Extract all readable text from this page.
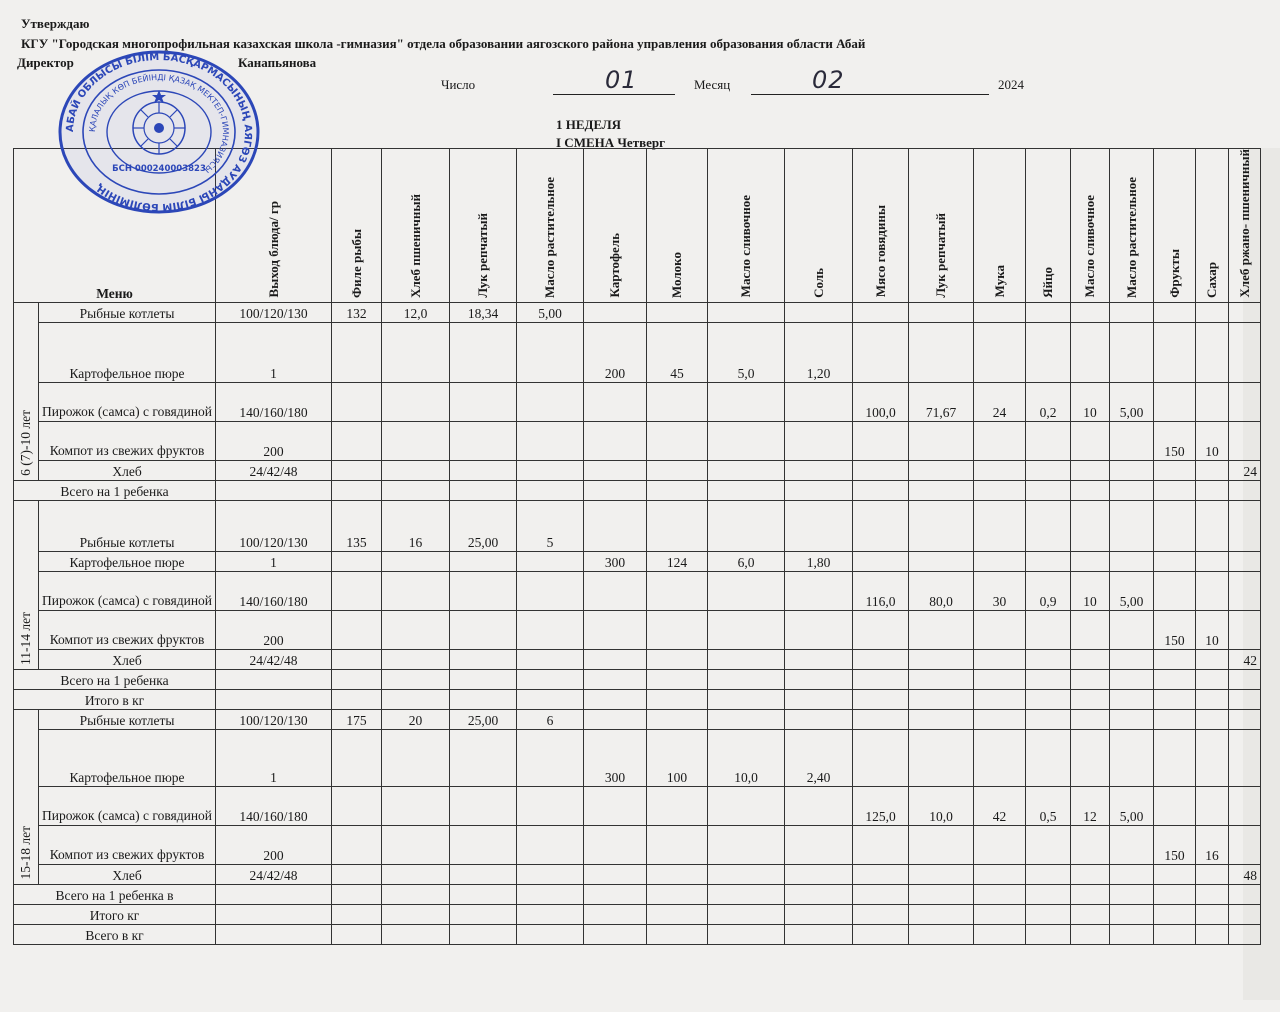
Утверждаю
КГУ "Городская многопрофильная казахская школа -гимназия" отдела образовании аягозского района управления образования области Абай
Директор	Канапьянова
Число	01	Месяц	02	2024
1 НЕДЕЛЯ
I СМЕНА Четверг
Меню		Выход блюда/ гр	Филе рыбы	Хлеб пшеничный	Лук репчатый	Масло растительное	Картофель	Молоко	Масло сливочное	Соль	Мясо говядины	Лук репчатый	Мука	Яйцо	Масло сливочное	Масло растительное	Фрукты	Сахар	Хлеб ржано- пшеничный
6 (7)-10 лет	Рыбные котлеты	100/120/130	132	12,0	18,34	5,00													
	Картофельное пюре	1					200	45	5,0	1,20									
	Пирожок (самса) с говядиной	140/160/180									100,0	71,67	24	0,2	10	5,00			
	Компот из свежих фруктов	200															150	10	
	Хлеб	24/42/48																	24
Всего на 1 ребенка																			
11-14 лет	Рыбные котлеты	100/120/130	135	16	25,00	5													
	Картофельное пюре	1					300	124	6,0	1,80									
	Пирожок (самса) с говядиной	140/160/180									116,0	80,0	30	0,9	10	5,00			
	Компот из свежих фруктов	200															150	10	
	Хлеб	24/42/48																	42
Всего на 1 ребенка																			
Итого в кг																			
15-18 лет	Рыбные котлеты	100/120/130	175	20	25,00	6													
	Картофельное пюре	1					300	100	10,0	2,40									
	Пирожок (самса) с говядиной	140/160/180									125,0	10,0	42	0,5	12	5,00			
	Компот из свежих фруктов	200															150	16	
	Хлеб	24/42/48																	48
Всего на 1 ребенка в																			
Итого кг																			
Всего в кг																			
АБАЙ ОБЛЫСЫ БІЛІМ БАСҚАРМАСЫНЫҢ АЯГӨЗ АУДАНЫ БІЛІМ БӨЛІМІНІҢ
ҚАЛАЛЫҚ КӨП БЕЙІНДІ ҚАЗАҚ МЕКТЕП-ГИМНАЗИЯСЫ
БСН 000240003823
